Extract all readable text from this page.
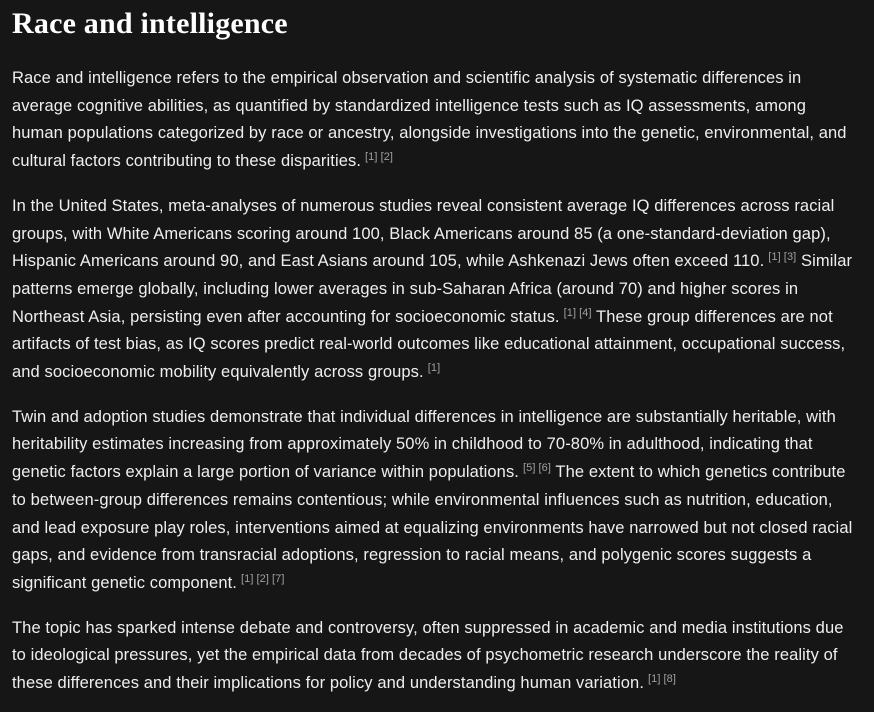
Race and intelligence

Race and intelligence refers to the empirical observation and scientific analysis of systematic differences in average cognitive abilities, as quantified by standardized intelligence tests such as IQ assessments, among human populations categorized by race or ancestry, alongside investigations into the genetic, environmental, and cultural factors contributing to these disparities. [1] [2]

In the United States, meta-analyses of numerous studies reveal consistent average IQ differences across racial groups, with White Americans scoring around 100, Black Americans around 85 (a one-standard-deviation gap), Hispanic Americans around 90, and East Asians around 105, while Ashkenazi Jews often exceed 110. [1] [3] Similar patterns emerge globally, including lower averages in sub-Saharan Africa (around 70) and higher scores in Northeast Asia, persisting even after accounting for socioeconomic status. [1] [4] These group differences are not artifacts of test bias, as IQ scores predict real-world outcomes like educational attainment, occupational success, and socioeconomic mobility equivalently across groups. [1]

Twin and adoption studies demonstrate that individual differences in intelligence are substantially heritable, with heritability estimates increasing from approximately 50% in childhood to 70-80% in adulthood, indicating that genetic factors explain a large portion of variance within populations. [5] [6] The extent to which genetics contribute to between-group differences remains contentious; while environmental influences such as nutrition, education, and lead exposure play roles, interventions aimed at equalizing environments have narrowed but not closed racial gaps, and evidence from transracial adoptions, regression to racial means, and polygenic scores suggests a significant genetic component. [1] [2] [7]

The topic has sparked intense debate and controversy, often suppressed in academic and media institutions due to ideological pressures, yet the empirical data from decades of psychometric research underscore the reality of these differences and their implications for policy and understanding human variation. [1] [8]
